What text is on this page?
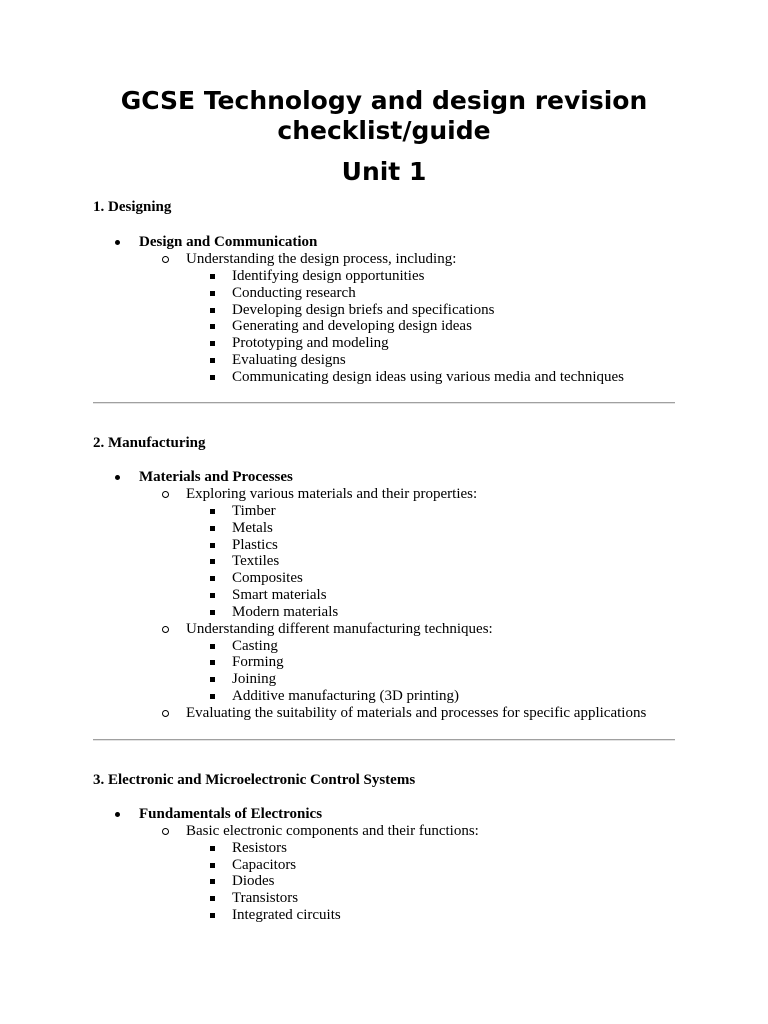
GCSE Technology and design revision
checklist/guide
Unit 1
1. Designing
Design and Communication
Understanding the design process, including:
Identifying design opportunities
Conducting research
Developing design briefs and specifications
Generating and developing design ideas
Prototyping and modeling
Evaluating designs
Communicating design ideas using various media and techniques
2. Manufacturing
Materials and Processes
Exploring various materials and their properties:
Timber
Metals
Plastics
Textiles
Composites
Smart materials
Modern materials
Understanding different manufacturing techniques:
Casting
Forming
Joining
Additive manufacturing (3D printing)
Evaluating the suitability of materials and processes for specific applications
3. Electronic and Microelectronic Control Systems
Fundamentals of Electronics
Basic electronic components and their functions:
Resistors
Capacitors
Diodes
Transistors
Integrated circuits
